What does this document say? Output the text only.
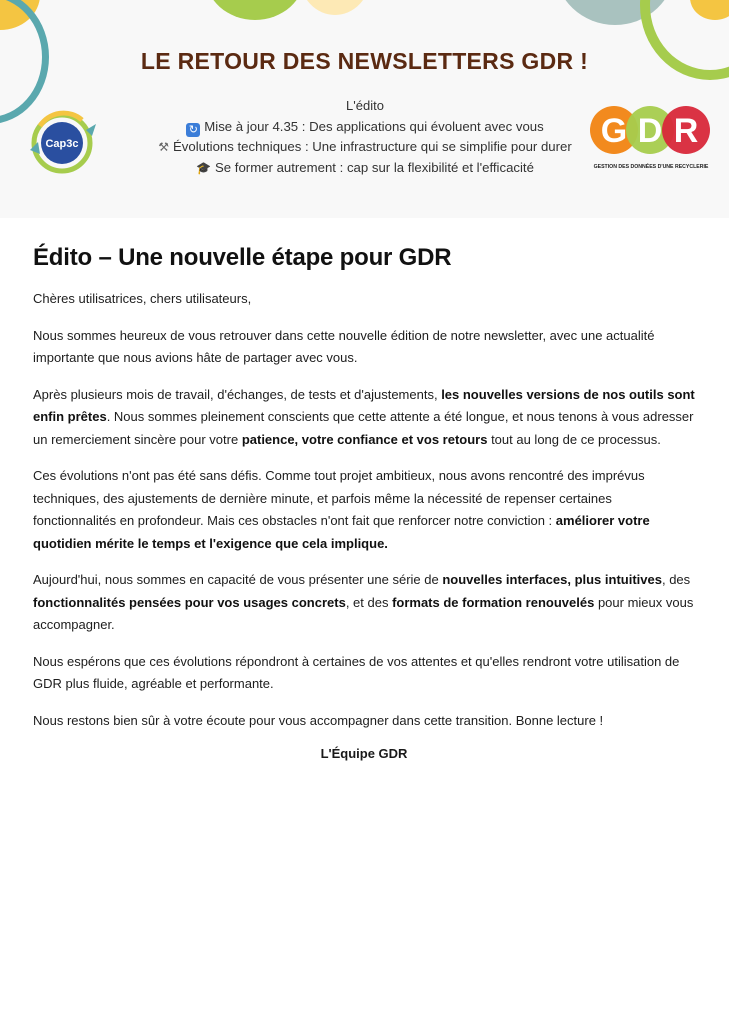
LE RETOUR DES NEWSLETTERS GDR !
L'édito
↻ Mise à jour 4.35 : Des applications qui évoluent avec vous
⚒ Évolutions techniques : Une infrastructure qui se simplifie pour durer
🎓 Se former autrement : cap sur la flexibilité et l'efficacité
Cap3c	G D R
GESTION DES DONNÉES D'UNE RECYCLERIE
Édito – Une nouvelle étape pour GDR

Chères utilisatrices, chers utilisateurs,

Nous sommes heureux de vous retrouver dans cette nouvelle édition de notre newsletter, avec une actualité importante que nous avions hâte de partager avec vous.

Après plusieurs mois de travail, d'échanges, de tests et d'ajustements, les nouvelles versions de nos outils sont enfin prêtes. Nous sommes pleinement conscients que cette attente a été longue, et nous tenons à vous adresser un remerciement sincère pour votre patience, votre confiance et vos retours tout au long de ce processus.

Ces évolutions n'ont pas été sans défis. Comme tout projet ambitieux, nous avons rencontré des imprévus techniques, des ajustements de dernière minute, et parfois même la nécessité de repenser certaines fonctionnalités en profondeur. Mais ces obstacles n'ont fait que renforcer notre conviction : améliorer votre quotidien mérite le temps et l'exigence que cela implique.

Aujourd'hui, nous sommes en capacité de vous présenter une série de nouvelles interfaces, plus intuitives, des fonctionnalités pensées pour vos usages concrets, et des formats de formation renouvelés pour mieux vous accompagner.

Nous espérons que ces évolutions répondront à certaines de vos attentes et qu'elles rendront votre utilisation de GDR plus fluide, agréable et performante.

Nous restons bien sûr à votre écoute pour vous accompagner dans cette transition. Bonne lecture !

L'Équipe GDR
